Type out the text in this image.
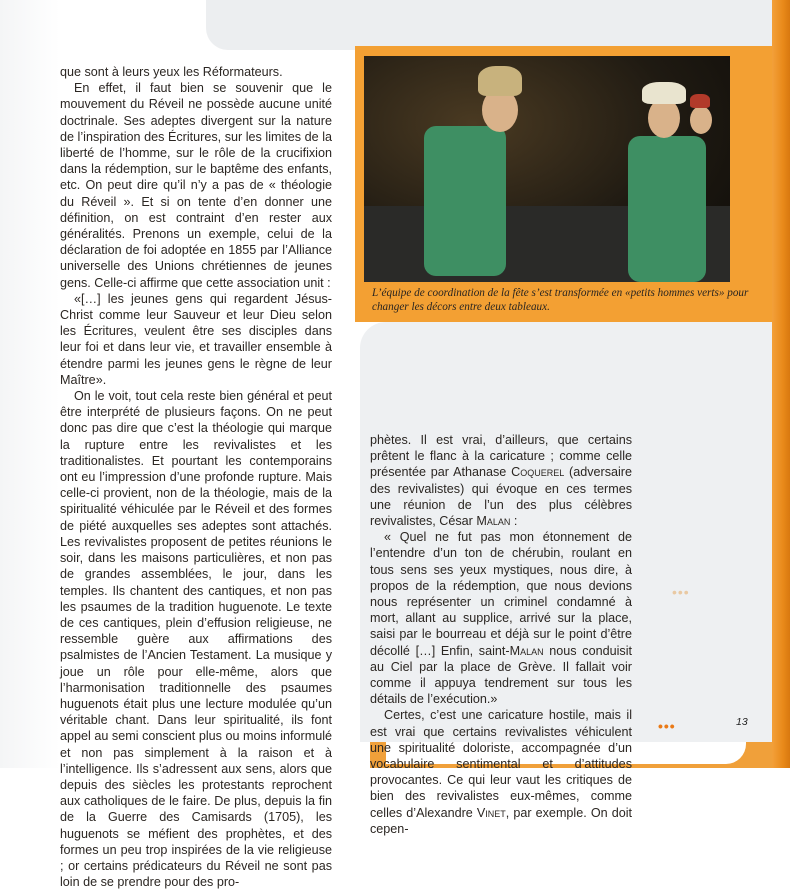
L’équipe de coordination de la fête s’est transformée en «petits hommes verts» pour changer les décors entre deux tableaux.

que sont à leurs yeux les Réformateurs.

En effet, il faut bien se souvenir que le mouvement du Réveil ne possède aucune unité doctrinale. Ses adeptes divergent sur la nature de l’inspiration des Écritures, sur les limites de la liberté de l’homme, sur le rôle de la crucifixion dans la rédemption, sur le baptême des enfants, etc. On peut dire qu’il n’y a pas de « théologie du Réveil ». Et si on tente d’en donner une définition, on est contraint d’en rester aux généralités. Prenons un exemple, celui de la déclaration de foi adoptée en 1855 par l’Alliance universelle des Unions chrétiennes de jeunes gens. Celle-ci affirme que cette association unit :

«[…] les jeunes gens qui regardent Jésus-Christ comme leur Sauveur et leur Dieu selon les Écritures, veulent être ses disciples dans leur foi et dans leur vie, et travailler ensemble à étendre parmi les jeunes gens le règne de leur Maître».

On le voit, tout cela reste bien général et peut être interprété de plusieurs façons. On ne peut donc pas dire que c’est la théologie qui marque la rupture entre les revivalistes et les traditionalistes. Et pourtant les contemporains ont eu l’impression d’une profonde rupture. Mais celle-ci provient, non de la théologie, mais de la spiritualité véhiculée par le Réveil et des formes de piété auxquelles ses adeptes sont attachés. Les revivalistes proposent de petites réunions le soir, dans les maisons particulières, et non pas de grandes assemblées, le jour, dans les temples. Ils chantent des cantiques, et non pas les psaumes de la tradition huguenote. Le texte de ces cantiques, plein d’effusion religieuse, ne ressemble guère aux affirmations des psalmistes de l’Ancien Testament. La musique y joue un rôle pour elle-même, alors que l’harmonisation traditionnelle des psaumes huguenots était plus une lecture modulée qu’un véritable chant. Dans leur spiritualité, ils font appel au semi conscient plus ou moins informulé et non pas simplement à la raison et à l’intelligence. Ils s’adressent aux sens, alors que depuis des siècles les protestants reprochent aux catholiques de le faire. De plus, depuis la fin de la Guerre des Camisards (1705), les huguenots se méfient des prophètes, et des formes un peu trop inspirées de la vie religieuse ; or certains prédicateurs du Réveil ne sont pas loin de se prendre pour des pro-

phètes. Il est vrai, d’ailleurs, que certains prêtent le flanc à la caricature ; comme celle présentée par Athanase Coquerel (adversaire des revivalistes) qui évoque en ces termes une réunion de l’un des plus célèbres revivalistes, César Malan :

« Quel ne fut pas mon étonnement de l’entendre d’un ton de chérubin, roulant en tous sens ses yeux mystiques, nous dire, à propos de la rédemption, que nous devions nous représenter un criminel condamné à mort, allant au supplice, arrivé sur la place, saisi par le bourreau et déjà sur le point d’être décollé […] Enfin, saint-Malan nous conduisit au Ciel par la place de Grève. Il fallait voir comme il appuya tendrement sur tous les détails de l’exécution.»

Certes, c’est une caricature hostile, mais il est vrai que certains revivalistes véhiculent une spiritualité doloriste, accompagnée d’un vocabulaire sentimental et d’attitudes provocantes. Ce qui leur vaut les critiques de bien des revivalistes eux-mêmes, comme celles d’Alexandre Vinet, par exemple. On doit cepen-

•••
•••	13
